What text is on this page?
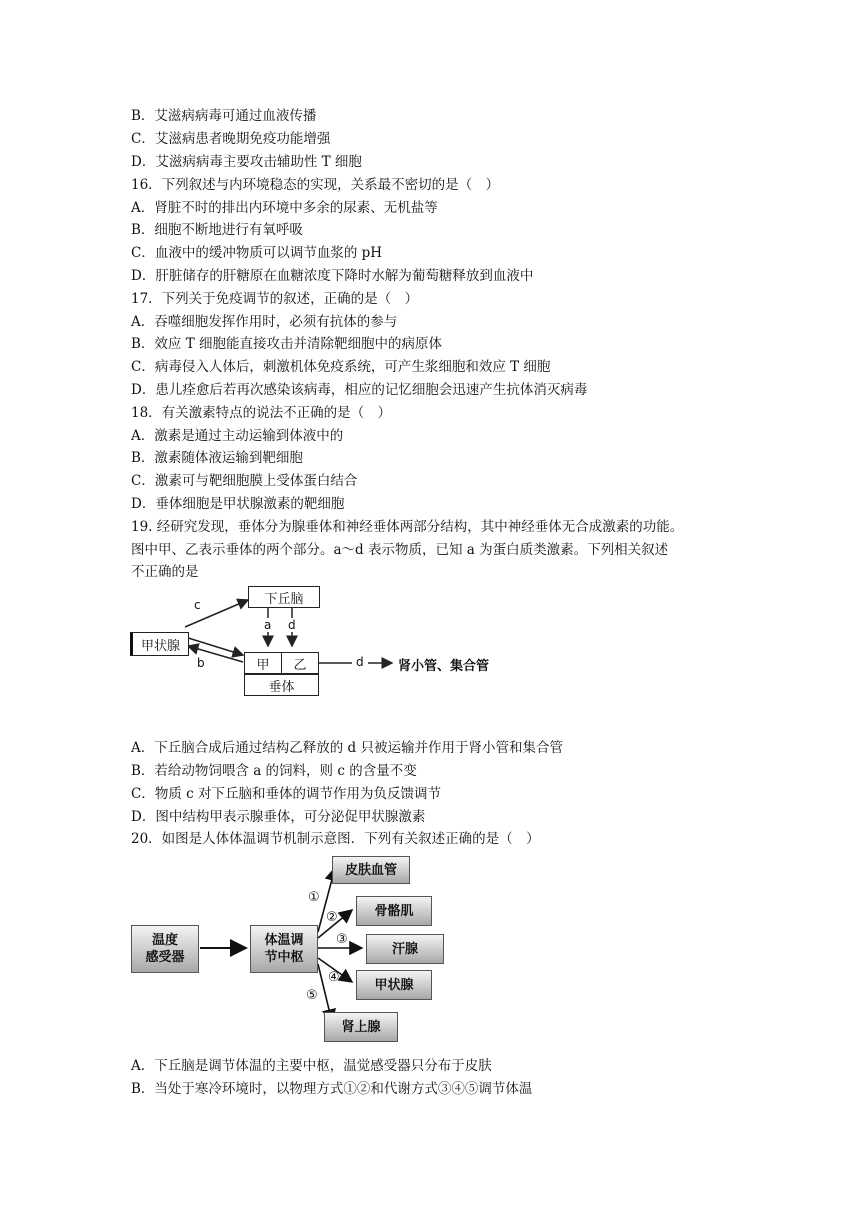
B．艾滋病病毒可通过血液传播
C．艾滋病患者晚期免疫功能增强
D．艾滋病病毒主要攻击辅助性 T 细胞
16．下列叙述与内环境稳态的实现，关系最不密切的是（　）
A．肾脏不时的排出内环境中多余的尿素、无机盐等
B．细胞不断地进行有氧呼吸
C．血液中的缓冲物质可以调节血浆的 pH
D．肝脏储存的肝糖原在血糖浓度下降时水解为葡萄糖释放到血液中
17．下列关于免疫调节的叙述，正确的是（　）
A．吞噬细胞发挥作用时，必须有抗体的参与
B．效应 T 细胞能直接攻击并清除靶细胞中的病原体
C．病毒侵入人体后，刺激机体免疫系统，可产生浆细胞和效应 T 细胞
D．患儿痊愈后若再次感染该病毒，相应的记忆细胞会迅速产生抗体消灭病毒
18．有关激素特点的说法不正确的是（　）
A．激素是通过主动运输到体液中的
B．激素随体液运输到靶细胞
C．激素可与靶细胞膜上受体蛋白结合
D．垂体细胞是甲状腺激素的靶细胞
19. 经研究发现，垂体分为腺垂体和神经垂体两部分结构，其中神经垂体无合成激素的功能。
图中甲、乙表示垂体的两个部分。a～d 表示物质，已知 a 为蛋白质类激素。下列相关叙述
不正确的是
下丘脑
甲状腺
甲	乙
垂体
c
b
a d
d	肾小管、集合管
A．下丘脑合成后通过结构乙释放的 d 只被运输并作用于肾小管和集合管
B．若给动物饲喂含 a 的饲料，则 c 的含量不变
C．物质 c 对下丘脑和垂体的调节作用为负反馈调节
D．图中结构甲表示腺垂体，可分泌促甲状腺激素
20．如图是人体体温调节机制示意图．下列有关叙述正确的是（　）
温度
感受器
体温调
节中枢
皮肤血管
骨骼肌
汗腺
甲状腺
肾上腺
①
②
③
④
⑤
A．下丘脑是调节体温的主要中枢，温觉感受器只分布于皮肤
B．当处于寒冷环境时，以物理方式①②和代谢方式③④⑤调节体温
